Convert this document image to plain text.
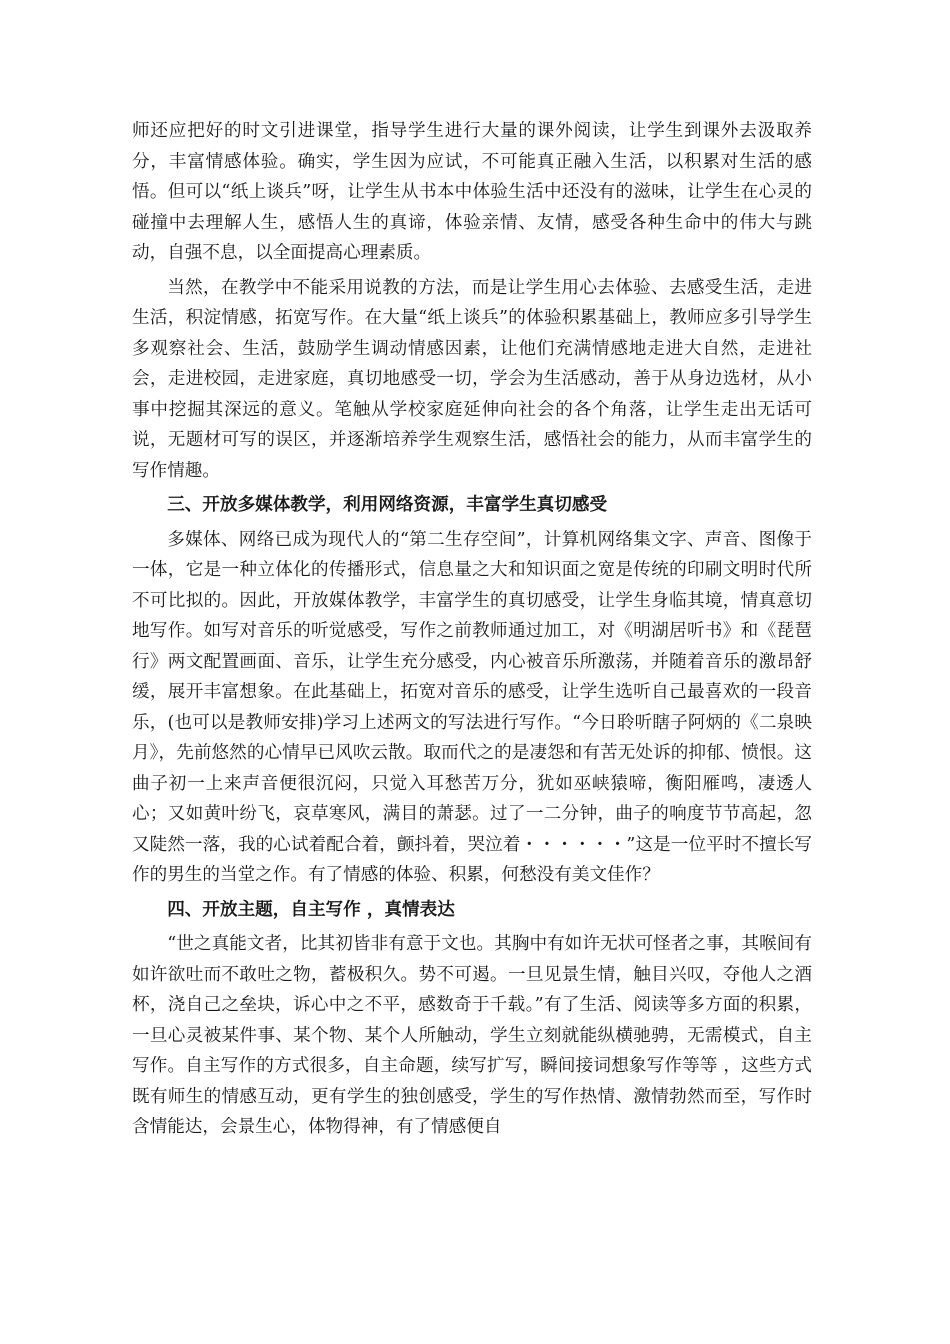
师还应把好的时文引进课堂，指导学生进行大量的课外阅读，让学生到课外去汲取养分，丰富情感体验。确实，学生因为应试，不可能真正融入生活，以积累对生活的感悟。但可以“纸上谈兵”呀，让学生从书本中体验生活中还没有的滋味，让学生在心灵的碰撞中去理解人生，感悟人生的真谛，体验亲情、友情，感受各种生命中的伟大与跳动，自强不息，以全面提高心理素质。

当然，在教学中不能采用说教的方法，而是让学生用心去体验、去感受生活，走进生活，积淀情感，拓宽写作。在大量“纸上谈兵”的体验积累基础上，教师应多引导学生多观察社会、生活，鼓励学生调动情感因素，让他们充满情感地走进大自然，走进社会，走进校园，走进家庭，真切地感受一切，学会为生活感动，善于从身边选材，从小事中挖掘其深远的意义。笔触从学校家庭延伸向社会的各个角落，让学生走出无话可说，无题材可写的误区，并逐渐培养学生观察生活，感悟社会的能力，从而丰富学生的写作情趣。

三、开放多媒体教学，利用网络资源，丰富学生真切感受

多媒体、网络已成为现代人的“第二生存空间”，计算机网络集文字、声音、图像于一体，它是一种立体化的传播形式，信息量之大和知识面之宽是传统的印刷文明时代所不可比拟的。因此，开放媒体教学，丰富学生的真切感受，让学生身临其境，情真意切地写作。如写对音乐的听觉感受，写作之前教师通过加工，对《明湖居听书》和《琵琶行》两文配置画面、音乐，让学生充分感受，内心被音乐所激荡，并随着音乐的激昂舒缓，展开丰富想象。在此基础上，拓宽对音乐的感受，让学生选听自己最喜欢的一段音乐，(也可以是教师安排)学习上述两文的写法进行写作。“今日聆听瞎子阿炳的《二泉映月》，先前悠然的心情早已风吹云散。取而代之的是凄怨和有苦无处诉的抑郁、愤恨。这曲子初一上来声音便很沉闷，只觉入耳愁苦万分，犹如巫峡猿啼，衡阳雁鸣，凄透人心；又如黄叶纷飞，哀草寒风，满目的萧瑟。过了一二分钟，曲子的响度节节高起，忽又陡然一落，我的心试着配合着，颤抖着，哭泣着・・・・・・”这是一位平时不擅长写作的男生的当堂之作。有了情感的体验、积累，何愁没有美文佳作？

四、开放主题，自主写作 ，真情表达

“世之真能文者，比其初皆非有意于文也。其胸中有如许无状可怪者之事，其喉间有如许欲吐而不敢吐之物，蓄极积久。势不可遏。一旦见景生情，触目兴叹，夺他人之酒杯，浇自己之垒块，诉心中之不平，感数奇于千载。”有了生活、阅读等多方面的积累，一旦心灵被某件事、某个物、某个人所触动，学生立刻就能纵横驰骋，无需模式，自主写作。自主写作的方式很多，自主命题，续写扩写，瞬间接词想象写作等等 ，这些方式既有师生的情感互动，更有学生的独创感受，学生的写作热情、激情勃然而至，写作时含情能达，会景生心，体物得神，有了情感便自
